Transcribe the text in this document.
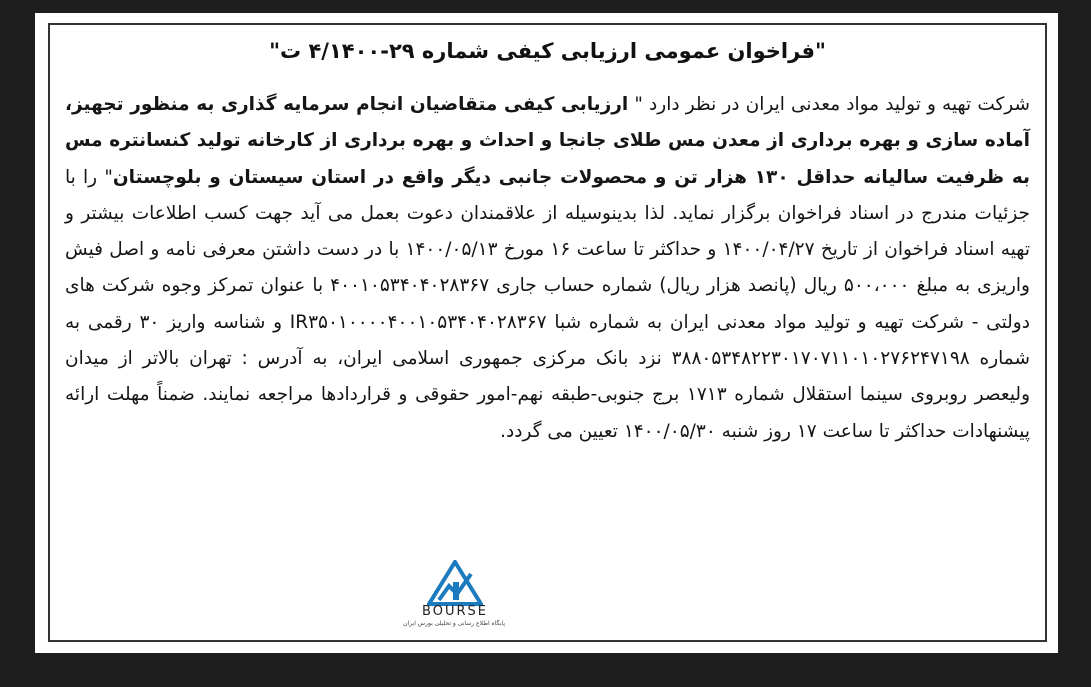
"فراخوان عمومی ارزیابی کیفی شماره ۲۹-۴/۱۴۰۰ ت"
شرکت تهیه و تولید مواد معدنی ایران در نظر دارد " ارزیابی کیفی متقاضیان انجام سرمایه گذاری به منظور تجهیز، آماده سازی و بهره برداری از معدن مس طلای جانجا و احداث و بهره برداری از کارخانه تولید کنسانتره مس به ظرفیت سالیانه حداقل ۱۳۰ هزار تن و محصولات جانبی دیگر واقع در استان سیستان و بلوچستان" را با جزئیات مندرج در اسناد فراخوان برگزار نماید. لذا بدینوسیله از علاقمندان دعوت بعمل می آید جهت کسب اطلاعات بیشتر و تهیه اسناد فراخوان از تاریخ ۱۴۰۰/۰۴/۲۷ و حداکثر تا ساعت ۱۶ مورخ ۱۴۰۰/۰۵/۱۳ با در دست داشتن معرفی نامه و اصل فیش واریزی به مبلغ ۵۰۰،۰۰۰ ریال (پانصد هزار ریال) شماره حساب جاری ۴۰۰۱۰۵۳۴۰۴۰۲۸۳۶۷ با عنوان تمرکز وجوه شرکت های دولتی - شرکت تهیه و تولید مواد معدنی ایران به شماره شبا IR۳۵۰۱۰۰۰۰۴۰۰۱۰۵۳۴۰۴۰۲۸۳۶۷ و شناسه واریز ۳۰ رقمی به شماره ۳۸۸۰۵۳۴۸۲۲۳۰۱۷۰۷۱۱۰۱۰۲۷۶۲۴۷۱۹۸ نزد بانک مرکزی جمهوری اسلامی ایران، به آدرس : تهران بالاتر از میدان ولیعصر روبروی سینما استقلال شماره ۱۷۱۳ برج جنوبی-طبقه نهم-امور حقوقی و قراردادها مراجعه نمایند. ضمناً مهلت ارائه پیشنهادات حداکثر تا ساعت ۱۷ روز شنبه ۱۴۰۰/۰۵/۳۰ تعیین می گردد.
BOURSE
پایگاه اطلاع رسانی و تحلیلی بورس ایران
